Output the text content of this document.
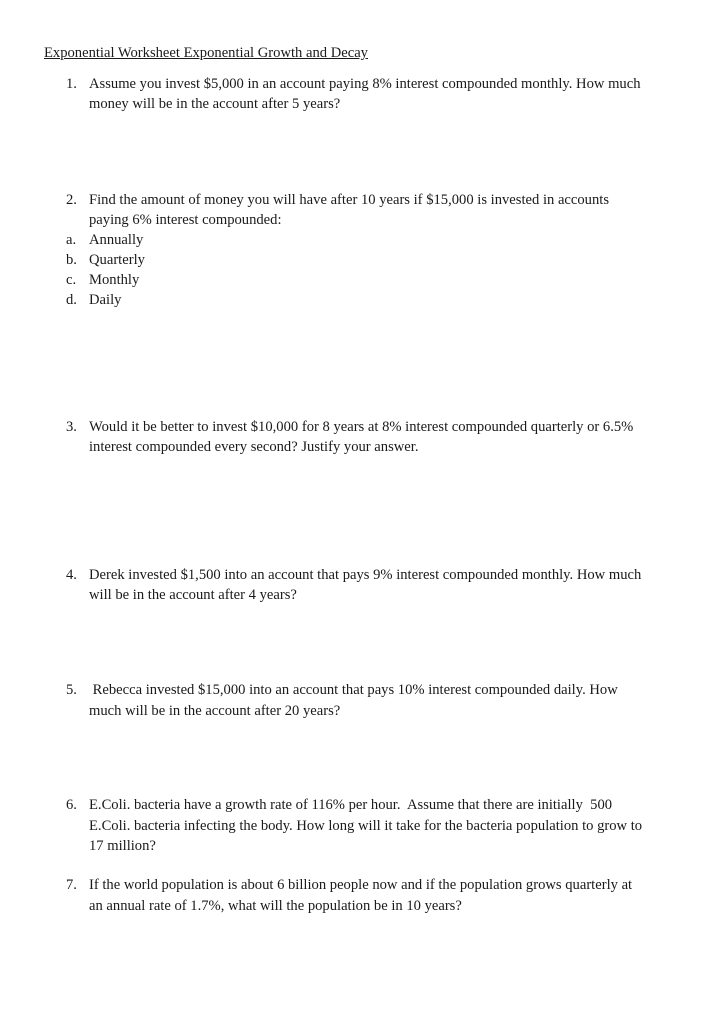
Exponential Worksheet Exponential Growth and Decay
1. Assume you invest $5,000 in an account paying 8% interest compounded monthly. How much
money will be in the account after 5 years?
2. Find the amount of money you will have after 10 years if $15,000 is invested in accounts
paying 6% interest compounded:
a. Annually
b. Quarterly
c. Monthly
d. Daily
3. Would it be better to invest $10,000 for 8 years at 8% interest compounded quarterly or 6.5%
interest compounded every second? Justify your answer.
4. Derek invested $1,500 into an account that pays 9% interest compounded monthly. How much
will be in the account after 4 years?
5. Rebecca invested $15,000 into an account that pays 10% interest compounded daily. How
much will be in the account after 20 years?
6. E.Coli. bacteria have a growth rate of 116% per hour.  Assume that there are initially  500
E.Coli. bacteria infecting the body. How long will it take for the bacteria population to grow to
17 million?
7. If the world population is about 6 billion people now and if the population grows quarterly at
an annual rate of 1.7%, what will the population be in 10 years?
